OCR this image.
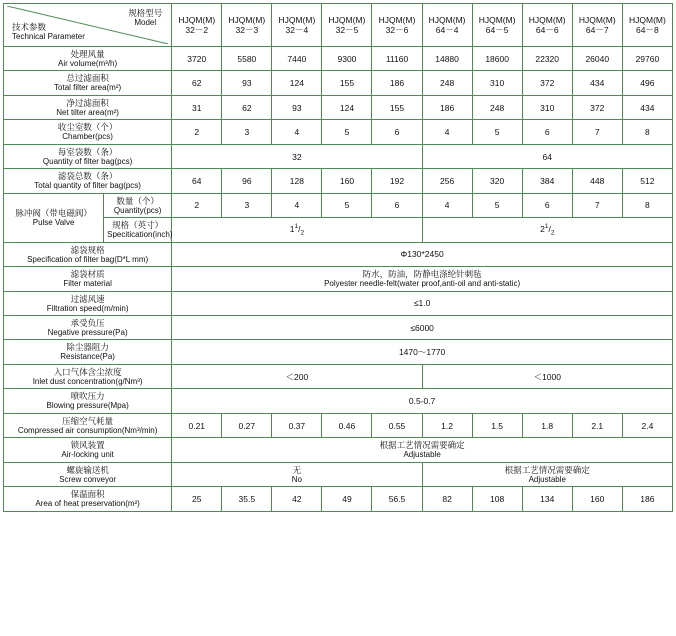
规格型号
Model
技术参数
Technical Parameter		HJQM(M) 32－2	HJQM(M) 32－3	HJQM(M) 32－4	HJQM(M) 32－5	HJQM(M) 32－6	HJQM(M) 64－4	HJQM(M) 64－5	HJQM(M) 64－6	HJQM(M) 64－7	HJQM(M) 64－8

处理风量
Air volume(m³/h)		3720	5580	7440	9300	11160	14880	18600	22320	26040	29760

总过滤面积
Total filter area(m²)		62	93	124	155	186	248	310	372	434	496

净过滤面积
Net tilter area(m²)		31	62	93	124	155	186	248	310	372	434

收尘室数（个）
Chamber(pcs)		2	3	4	5	6	4	5	6	7	8

每室袋数（条）
Quantity of filter bag(pcs)		32					64				

滤袋总数（条）
Total quantity of filter bag(pcs)		64	96	128	160	192	256	320	384	448	512

脉冲阀（带电磁阀）
Pulse Valve	数量（个）
Quantity(pcs)	2	3	4	5	6	4	5	6	7	8

	规格（英寸）
Specitication(inch)	$1^1/_2$					$2^1/_2$

滤袋规格
Specification of filter bag(D*L mm)		Φ130*2450									

滤袋材质
Filter material		防水，防油，防静电涤纶针刺毡
Polyester needle-felt(water proof,anti-oil and anti-static)									

过滤风速
Filtration speed(m/min)		≤1.0									

承受负压
Negative pressure(Pa)		≤6000									

除尘器阻力
Resistance(Pa)		1470～1770									

入口气体含尘浓度
Inlet dust concentration(g/Nm³)		＜200					＜1000				

喷吹压力
Blowing pressure(Mpa)		0.5-0.7									

压缩空气耗量
Compressed air consumption(Nm³/min)		0.21	0.27	0.37	0.46	0.55	1.2	1.5	1.8	2.1	2.4

锁风装置
Air-locking unit		根据工艺情况需要确定
Adjustable									

螺旋输送机
Screw conveyor		无
No					根据工艺情况需要确定
Adjustable				

保温面积
Area of heat preservation(m²)		25	35.5	42	49	56.5	82	108	134	160	186
